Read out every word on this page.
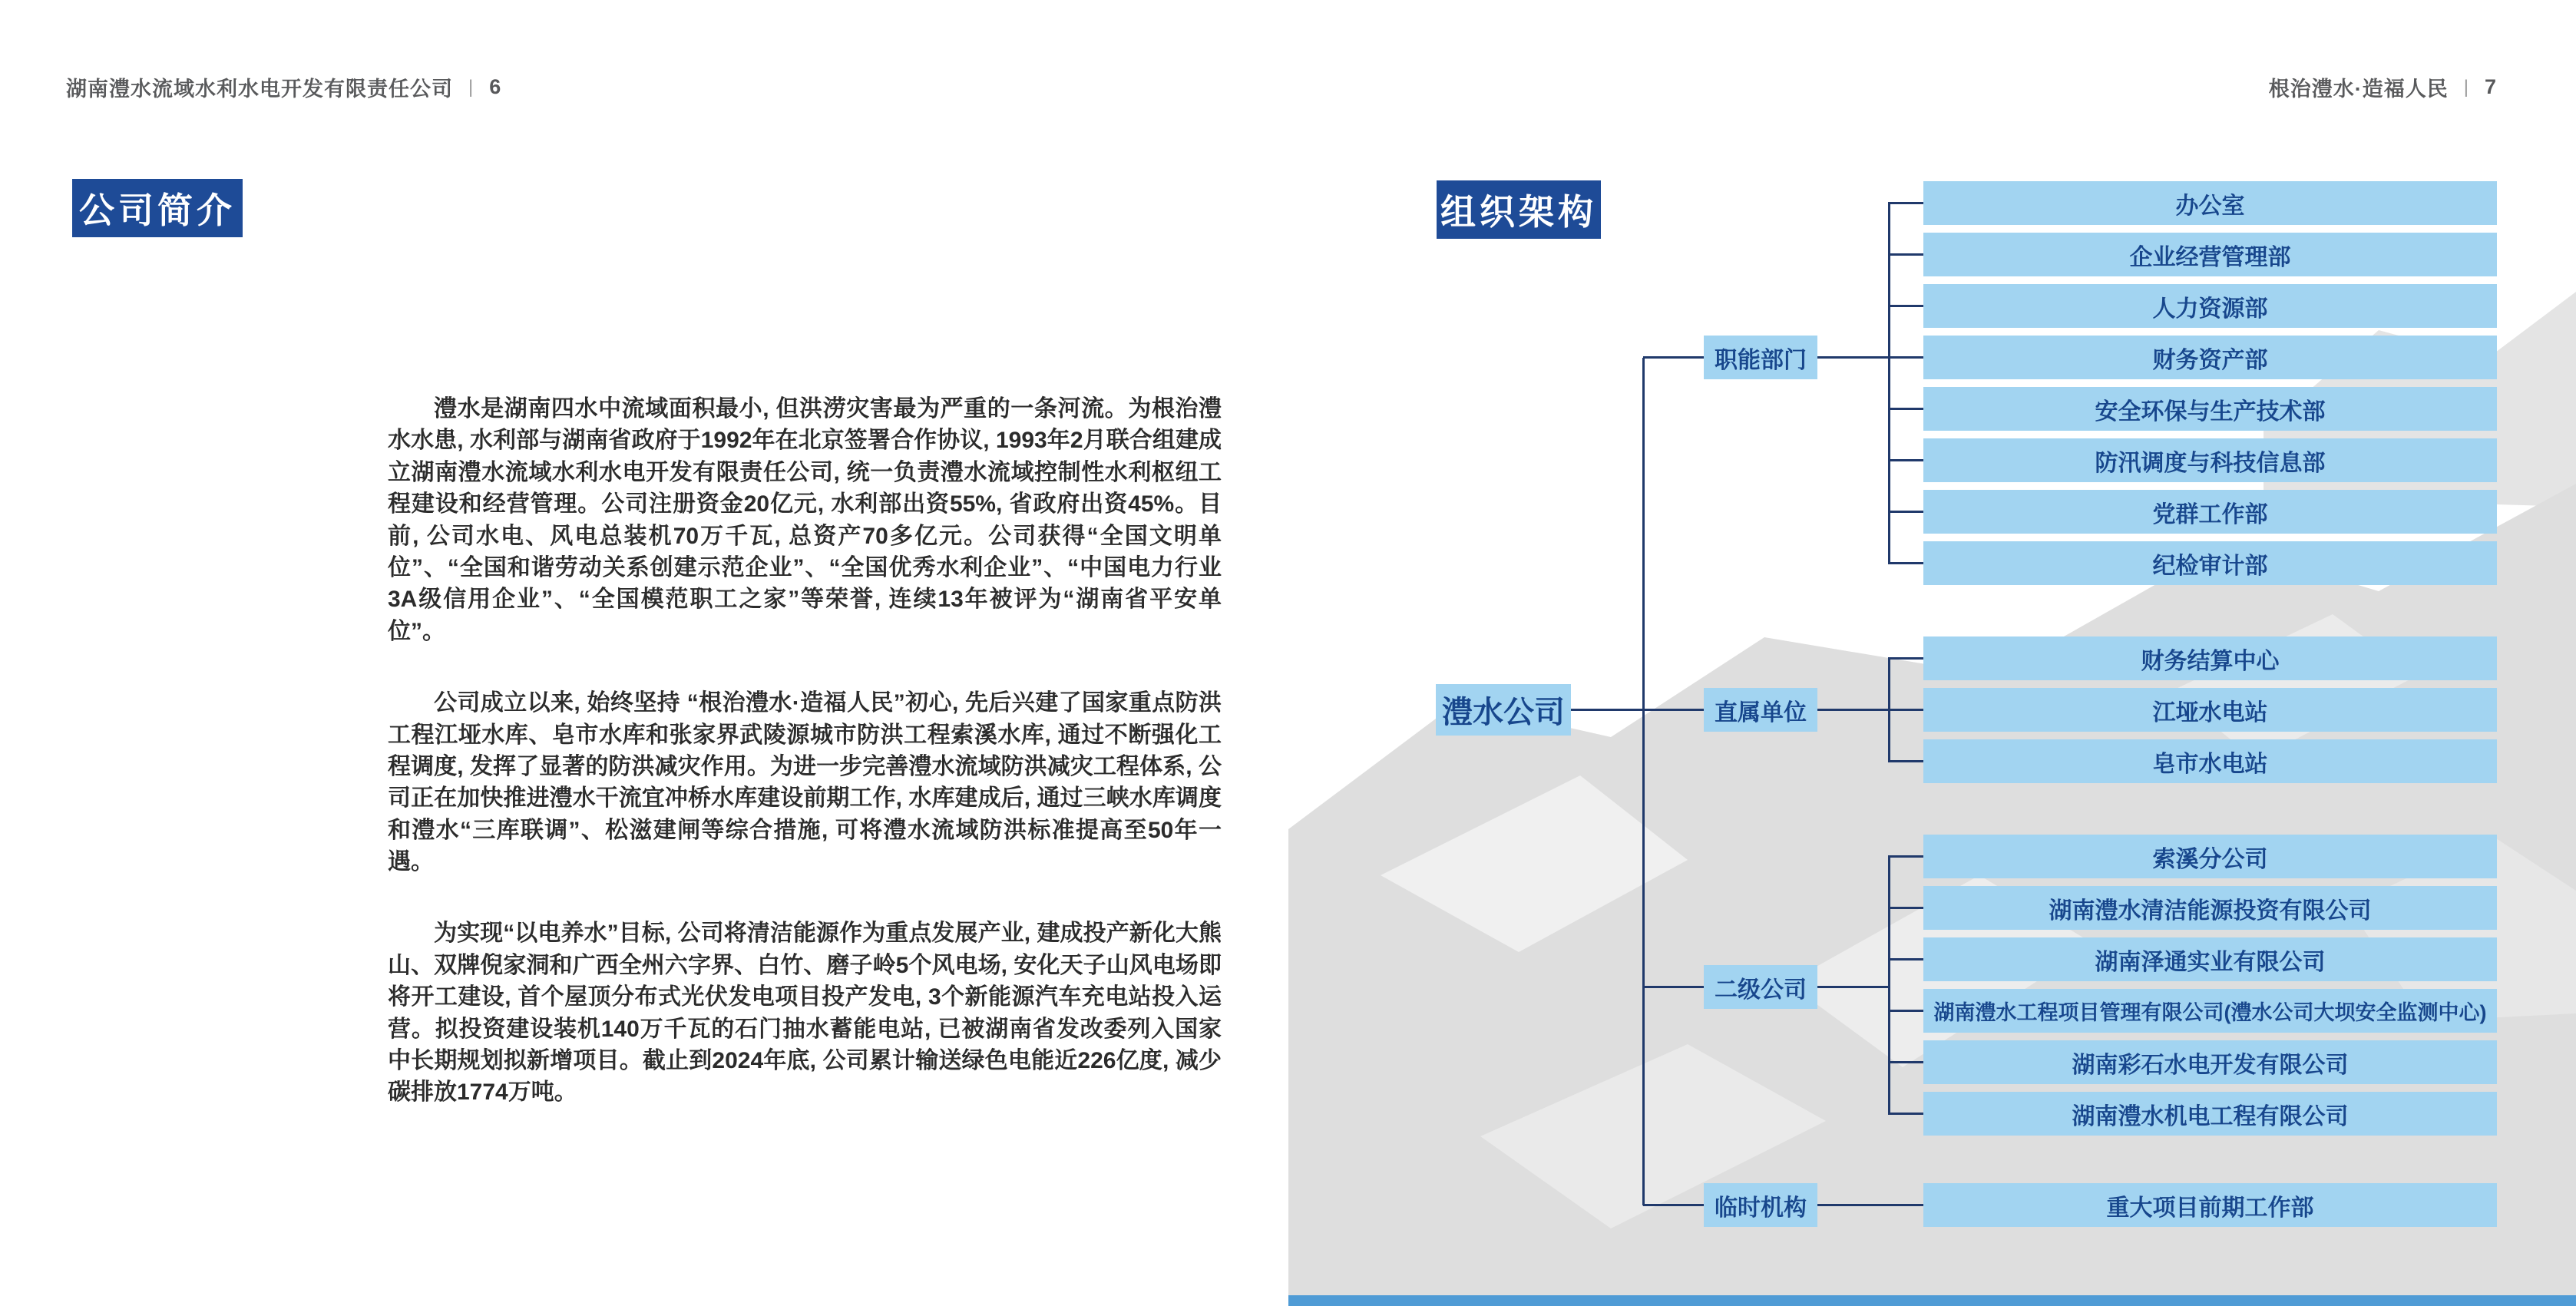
湖南澧水流域水利水电开发有限责任公司 | 6	根治澧水·造福人民 | 7
公司简介

澧水是湖南四水中流域面积最小, 但洪涝灾害最为严重的一条河流。为根治澧水水患, 水利部与湖南省政府于1992年在北京签署合作协议, 1993年2月联合组建成立湖南澧水流域水利水电开发有限责任公司, 统一负责澧水流域控制性水利枢纽工程建设和经营管理。公司注册资金20亿元, 水利部出资55%, 省政府出资45%。目前, 公司水电、风电总装机70万千瓦, 总资产70多亿元。公司获得“全国文明单位”、“全国和谐劳动关系创建示范企业”、“全国优秀水利企业”、“中国电力行业3A级信用企业”、“全国模范职工之家”等荣誉, 连续13年被评为“湖南省平安单位”。

公司成立以来, 始终坚持 “根治澧水·造福人民”初心, 先后兴建了国家重点防洪工程江垭水库、皂市水库和张家界武陵源城市防洪工程索溪水库, 通过不断强化工程调度, 发挥了显著的防洪减灾作用。为进一步完善澧水流域防洪减灾工程体系, 公司正在加快推进澧水干流宜冲桥水库建设前期工作, 水库建成后, 通过三峡水库调度和澧水“三库联调”、松滋建闸等综合措施, 可将澧水流域防洪标准提高至50年一遇。

为实现“以电养水”目标, 公司将清洁能源作为重点发展产业, 建成投产新化大熊山、双牌倪家洞和广西全州六字界、白竹、磨子岭5个风电场, 安化天子山风电场即将开工建设, 首个屋顶分布式光伏发电项目投产发电, 3个新能源汽车充电站投入运营。拟投资建设装机140万千瓦的石门抽水蓄能电站, 已被湖南省发改委列入国家中长期规划拟新增项目。截止到2024年底, 公司累计输送绿色电能近226亿度, 减少碳排放1774万吨。

组织架构
澧水公司
职能部门
办公室
企业经营管理部
人力资源部
财务资产部
安全环保与生产技术部
防汛调度与科技信息部
党群工作部
纪检审计部
直属单位
财务结算中心
江垭水电站
皂市水电站
二级公司
索溪分公司
湖南澧水清洁能源投资有限公司
湖南泽通实业有限公司
湖南澧水工程项目管理有限公司(澧水公司大坝安全监测中心)
湖南彩石水电开发有限公司
湖南澧水机电工程有限公司
临时机构	重大项目前期工作部
